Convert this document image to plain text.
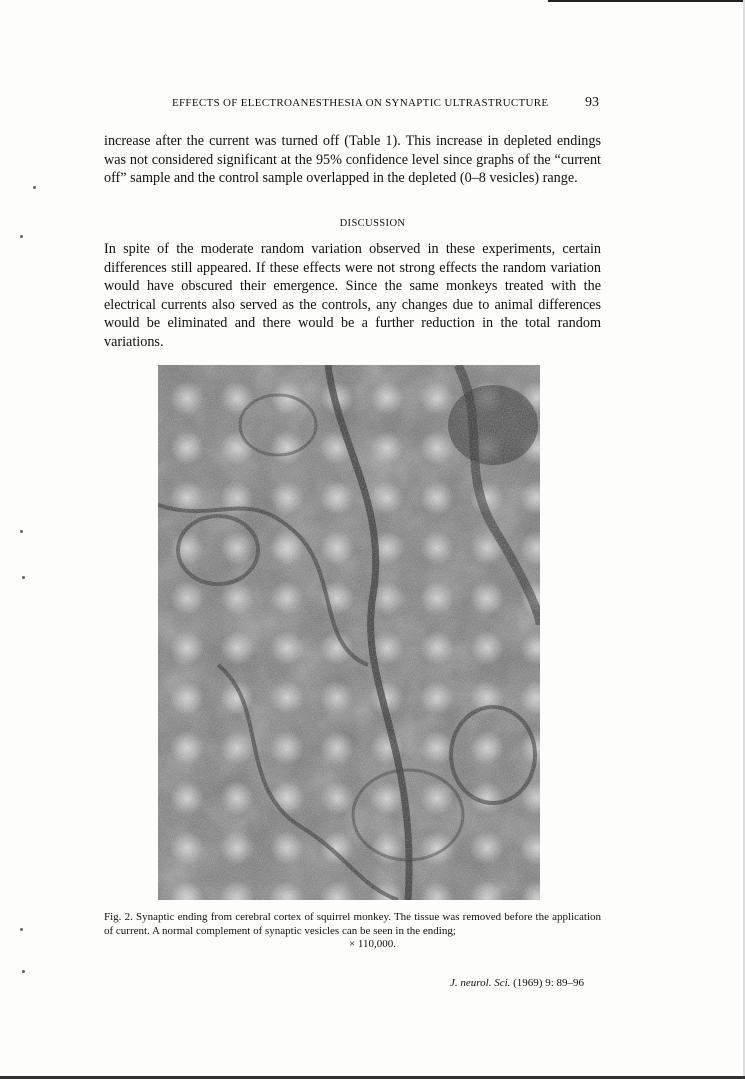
EFFECTS OF ELECTROANESTHESIA ON SYNAPTIC ULTRASTRUCTURE	93

increase after the current was turned off (Table 1). This increase in depleted endings was not considered significant at the 95% confidence level since graphs of the “current off” sample and the control sample overlapped in the depleted (0–8 vesicles) range.

DISCUSSION

In spite of the moderate random variation observed in these experiments, certain differences still appeared. If these effects were not strong effects the random variation would have obscured their emergence. Since the same monkeys treated with the electrical currents also served as the controls, any changes due to animal differences would be eliminated and there would be a further reduction in the total random variations.

Fig. 2. Synaptic ending from cerebral cortex of squirrel monkey. The tissue was removed before the application of current. A normal complement of synaptic vesicles can be seen in the ending;

× 110,000.
J. neurol. Sci. (1969) 9: 89–96
